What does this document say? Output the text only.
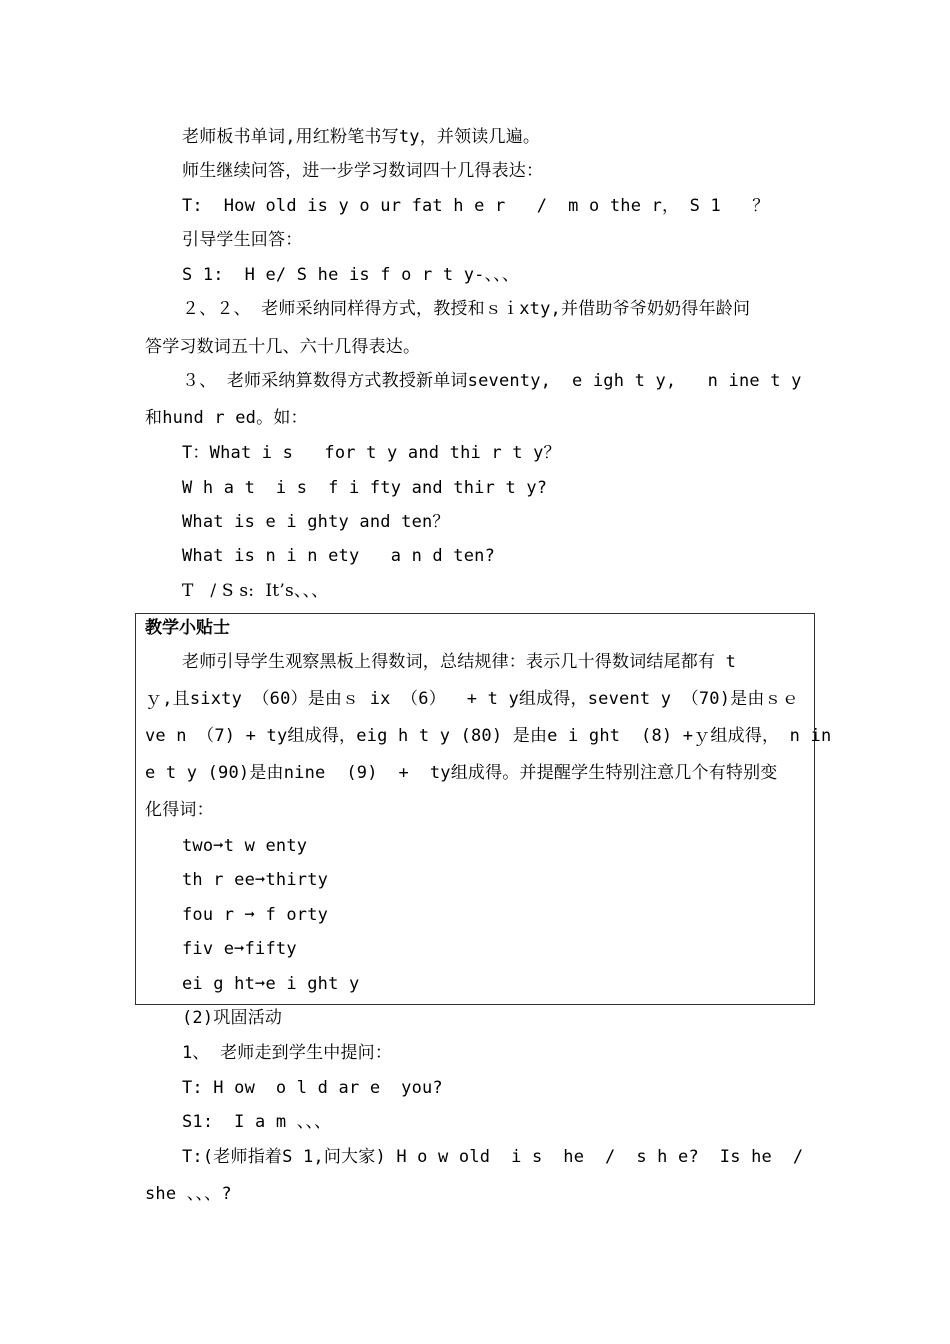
老师板书单词,用红粉笔书写ty，并领读几遍。
师生继续问答，进一步学习数词四十几得表达：
T:  How old is y o ur fat h e r   /  m o the r， S 1   ？
引导学生回答：
S 1:  H e/ S he is f o r t y-、、、
２、２、 老师采纳同样得方式，教授和ｓｉxty,并借助爷爷奶奶得年龄问
答学习数词五十几、六十几得表达。
３、 老师采纳算数得方式教授新单词seventy,  e igh t y,   n ine t y
和hund r ed。如：
T：What i s   for t y and thi r t y？
W h a t  i s  f i fty and thir t y?
What is e i ghty and ten？
What is n i n ety   a n d ten?
T   / S s:  It’s、、、
教学小贴士
老师引导学生观察黑板上得数词，总结规律：表示几十得数词结尾都有 t
ｙ,且sixty （60）是由ｓ ix （6）  + t y组成得，sevent y （70)是由ｓｅ
ve n （7) + ty组成得，eig h t y (80) 是由e i ght  (8) +ｙ组成得， n in
e t y (90)是由nine  (9)  +  ty组成得。并提醒学生特别注意几个有特别变
化得词：
two➞t w enty
th r ee➞thirty
fou r ➞ f orty
fiv e➞fifty
ei g ht➞e i ght y
(2)巩固活动
1、 老师走到学生中提问：
T: H ow  o l d ar e  you?
S1:  I a m 、、、
T:(老师指着S 1,问大家) H o w old  i s  he  /  s h e?  Is he  /
she 、、、?
